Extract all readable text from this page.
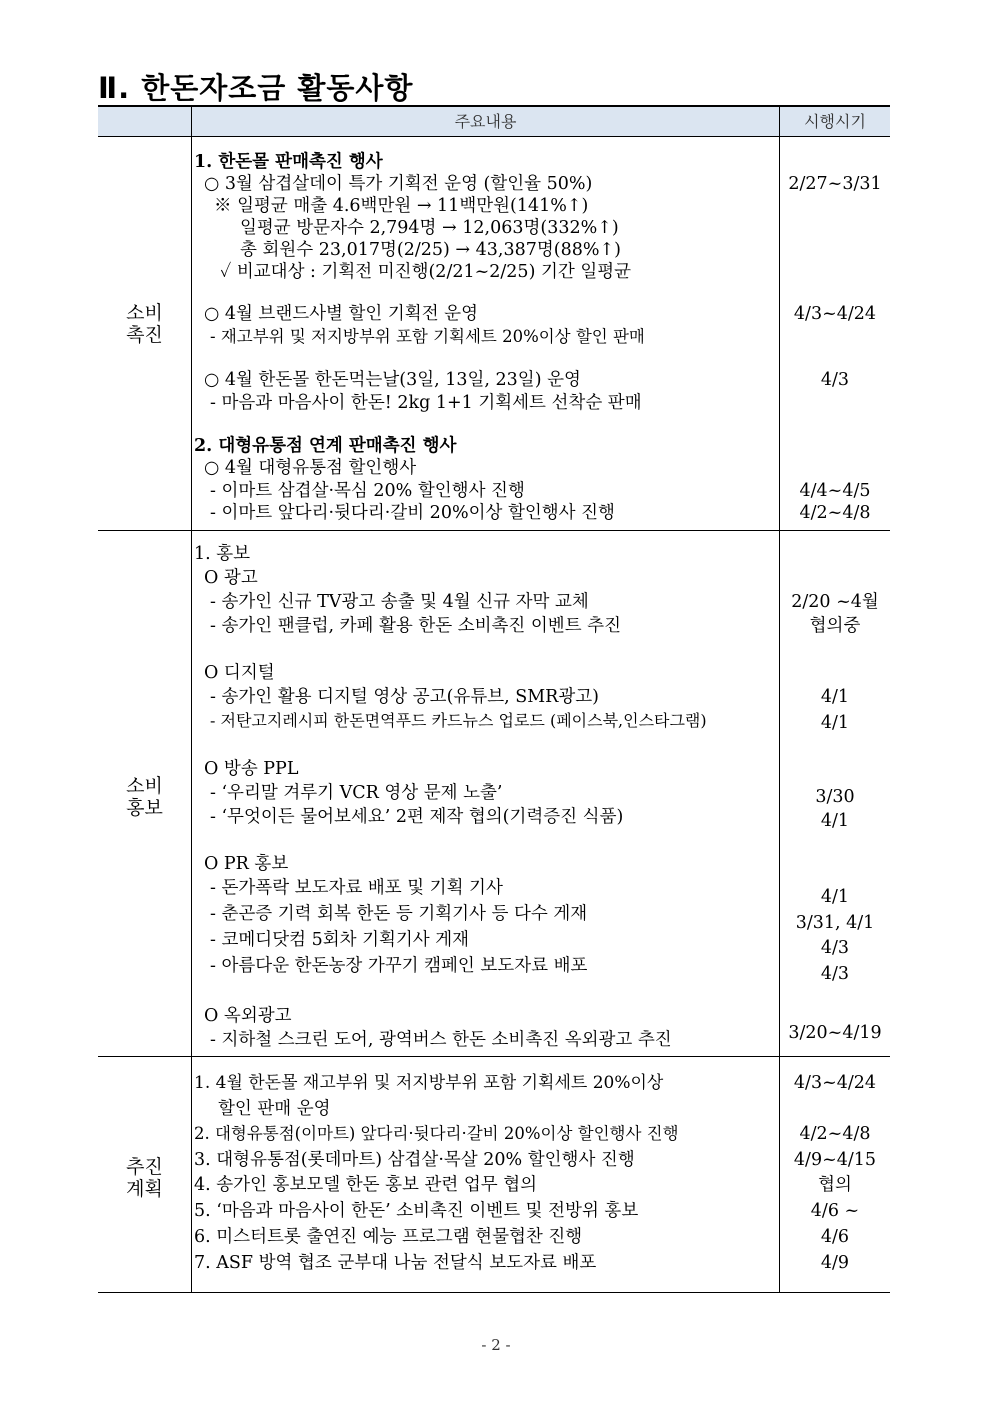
Ⅱ. 한돈자조금 활동사항
주요내용	시행시기
소비
촉진
1. 한돈몰 판매촉진 행사
○ 3월 삼겹살데이 특가 기획전 운영 (할인율 50%)
※ 일평균 매출 4.6백만원 → 11백만원(141%↑)
일평균 방문자수 2,794명 → 12,063명(332%↑)
총 회원수 23,017명(2/25) → 43,387명(88%↑)
✓ 비교대상 : 기획전 미진행(2/21~2/25) 기간 일평균
○ 4월 브랜드사별 할인 기획전 운영
- 재고부위 및 저지방부위 포함 기획세트 20%이상 할인 판매
○ 4월 한돈몰 한돈먹는날(3일, 13일, 23일) 운영
- 마음과 마음사이 한돈! 2kg 1+1 기획세트 선착순 판매
2. 대형유통점 연계 판매촉진 행사
○ 4월 대형유통점 할인행사
- 이마트 삼겹살·목심 20% 할인행사 진행
- 이마트 앞다리·뒷다리·갈비 20%이상 할인행사 진행
2/27~3/31
4/3~4/24
4/3
4/4~4/5
4/2~4/8
소비
홍보
1. 홍보
O 광고
- 송가인 신규 TV광고 송출 및 4월 신규 자막 교체
- 송가인 팬클럽, 카페 활용 한돈 소비촉진 이벤트 추진
O 디지털
- 송가인 활용 디지털 영상 공고(유튜브, SMR광고)
- 저탄고지레시피 한돈면역푸드 카드뉴스 업로드 (페이스북,인스타그램)
O 방송 PPL
- ‘우리말 겨루기 VCR 영상 문제 노출’
- ‘무엇이든 물어보세요’ 2편 제작 협의(기력증진 식품)
O PR 홍보
- 돈가폭락 보도자료 배포 및 기획 기사
- 춘곤증 기력 회복 한돈 등 기획기사 등 다수 게재
- 코메디닷컴 5회차 기획기사 게재
- 아름다운 한돈농장 가꾸기 캠페인 보도자료 배포
O 옥외광고
- 지하철 스크린 도어, 광역버스 한돈 소비촉진 옥외광고 추진
2/20 ~4월
협의중
4/1
4/1
3/30
4/1
4/1
3/31, 4/1
4/3
4/3
3/20~4/19
추진
계획
1. 4월 한돈몰 재고부위 및 저지방부위 포함 기획세트 20%이상
할인 판매 운영
2. 대형유통점(이마트) 앞다리·뒷다리·갈비 20%이상 할인행사 진행
3. 대형유통점(롯데마트) 삼겹살·목살 20% 할인행사 진행
4. 송가인 홍보모델 한돈 홍보 관련 업무 협의
5. ‘마음과 마음사이 한돈’ 소비촉진 이벤트 및 전방위 홍보
6. 미스터트롯 출연진 예능 프로그램 현물협찬 진행
7. ASF 방역 협조 군부대 나눔 전달식 보도자료 배포
4/3~4/24
4/2~4/8
4/9~4/15
협의
4/6 ~
4/6
4/9
- 2 -
